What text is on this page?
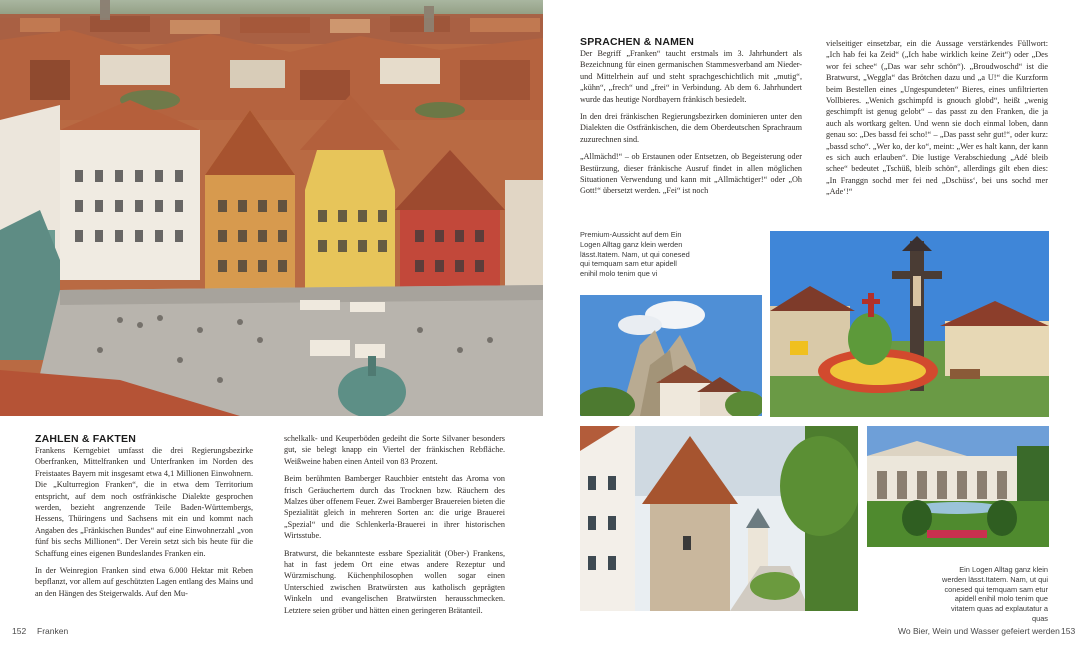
ZAHLEN & FAKTEN

Frankens Kerngebiet umfasst die drei Regierungsbezirke Oberfranken, Mittelfranken und Unterfranken im Norden des Freistaates Bayern mit insgesamt etwa 4,1 Millionen Einwohnern. Die „Kulturregion Franken“, die in etwa dem Territorium entspricht, auf dem noch ostfränkische Dialekte gesprochen werden, bezieht angrenzende Teile Baden-Württembergs, Hessens, Thüringens und Sachsens mit ein und kommt nach Angaben des „Fränkischen Bundes“ auf eine Einwohnerzahl „von fünf bis sechs Millionen“. Der Verein setzt sich bis heute für die Schaffung eines eigenen Bundeslandes Franken ein.

In der Weinregion Franken sind etwa 6.000 Hektar mit Reben bepflanzt, vor allem auf geschützten Lagen entlang des Mains und an den Hängen des Steigerwalds. Auf den Mu-

schelkalk- und Keuperböden gedeiht die Sorte Silvaner besonders gut, sie belegt knapp ein Viertel der fränkischen Rebfläche. Weißweine haben einen Anteil von 83 Prozent.

Beim berühmten Bamberger Rauchbier entsteht das Aroma von frisch Geräuchertem durch das Trocknen bzw. Räuchern des Malzes über offenem Feuer. Zwei Bamberger Brauereien bieten die Spezialität gleich in mehreren Sorten an: die urige Brauerei „Spezial“ und die Schlenkerla-Brauerei in ihrer historischen Wirtsstube.

Bratwurst, die bekannteste essbare Spezialität (Ober-) Frankens, hat in fast jedem Ort eine etwas andere Rezeptur und Würzmischung. Küchenphilosophen wollen sogar einen Unterschied zwischen Bratwürsten aus katholisch geprägten Winkeln und evangelischen Bratwürsten herausschmecken. Letztere seien gröber und hätten einen geringeren Brätanteil.

152 Franken
SPRACHEN & NAMEN

Der Begriff „Franken“ taucht erstmals im 3. Jahrhundert als Bezeichnung für einen germanischen Stammesverband am Nieder- und Mittelrhein auf und steht sprachgeschichtlich mit „mutig“, „kühn“, „frech“ und „frei“ in Verbindung. Ab dem 6. Jahrhundert wurde das heutige Nordbayern fränkisch besiedelt.

In den drei fränkischen Regierungsbezirken dominieren unter den Dialekten die Ostfränkischen, die dem Oberdeutschen Sprachraum zuzurechnen sind.

„Allmächd!“ – ob Erstaunen oder Entsetzen, ob Begeisterung oder Bestürzung, dieser fränkische Ausruf findet in allen möglichen Situationen Verwendung und kann mit „Allmächtiger!“ oder „Oh Gott!“ übersetzt werden. „Fei“ ist noch

vielseitiger einsetzbar, ein die Aussage verstärkendes Füllwort: „Ich hab fei ka Zeid“ („Ich habe wirklich keine Zeit“) oder „Des wor fei schee“ („Das war sehr schön“). „Broudwoschd“ ist die Bratwurst, „Weggla“ das Brötchen dazu und „a U!“ die Kurzform beim Bestellen eines „Ungespundeten“ Bieres, eines unfiltrierten Vollbieres. „Wenich gschimpfd is gnouch globd“, heißt „wenig geschimpft ist genug gelobt“ – das passt zu den Franken, die ja auch als wortkarg gelten. Und wenn sie doch einmal loben, dann genau so: „Des bassd fei scho!“ – „Das passt sehr gut!“, oder kurz: „bassd scho“. „Wer ko, der ko“, meint: „Wer es halt kann, der kann es sich auch erlauben“. Die lustige Verabschiedung „Adé bleib schee“ bedeutet „Tschüß, bleib schön“, allerdings gilt eben dies: „In Franggn sochd mer fei ned „Dschüss‘, bei uns sochd mer „Ade‘!“

Premium-Aussicht auf dem Ein Logen Alltag ganz klein werden lässt.Itatem. Nam, ut qui conesed qui temquam sam etur apidell enihil molo tenim que vi
Ein Logen Alltag ganz klein werden lässt.Itatem. Nam, ut qui conesed qui temquam sam etur apidell enihil molo tenim que vitatem quas ad explautatur a quas
Wo Bier, Wein und Wasser gefeiert werden 153
